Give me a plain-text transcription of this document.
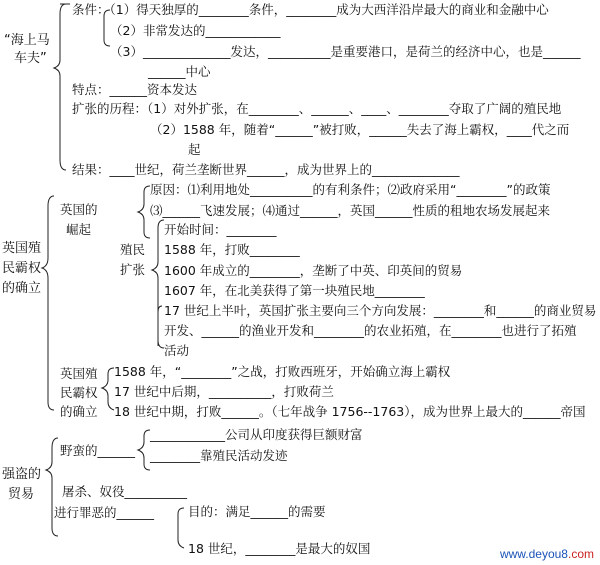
“海上马
车夫”
条件：（1）得天独厚的________条件，________成为大西洋沿岸最大的商业和金融中心
（2）非常发达的____________
（3）______________发达，__________是重要港口，是荷兰的经济中心，也是______
______中心
特点：______资本发达
扩张的历程：（1）对外扩张，在________、______、____、________夺取了广阔的殖民地
（2）1588 年，随着“______”被打败，______失去了海上霸权，____代之而
起
结果：____世纪，荷兰垄断世界______，成为世界上的______________
英国殖
民霸权
的确立
英国的
崛起
原因：⑴利用地处__________的有利条件；⑵政府采用“________”的政策
⑶______飞速发展；⑷通过______，英国______性质的租地农场发展起来
殖民
扩张
开始时间：________
1588 年，打败________
1600 年成立的________，垄断了中英、印英间的贸易
1607 年，在北美获得了第一块殖民地________
17 世纪上半叶，英国扩张主要向三个方向发展：________和______的商业贸易
开发、______的渔业开发和________的农业拓殖，在________也进行了拓殖
活动
英国殖
民霸权
的确立
1588 年，“________”之战，打败西班牙，开始确立海上霸权
17 世纪中后期，__________，打败荷兰
18 世纪中期，打败______。（七年战争 1756--1763），成为世界上最大的______帝国
强盗的
贸易
野蛮的______
____________公司从印度获得巨额财富
________靠殖民活动发迹
屠杀、奴役__________
进行罪恶的______	目的：满足______的需要
18 世纪，________是最大的奴国	www.deyou8.com
